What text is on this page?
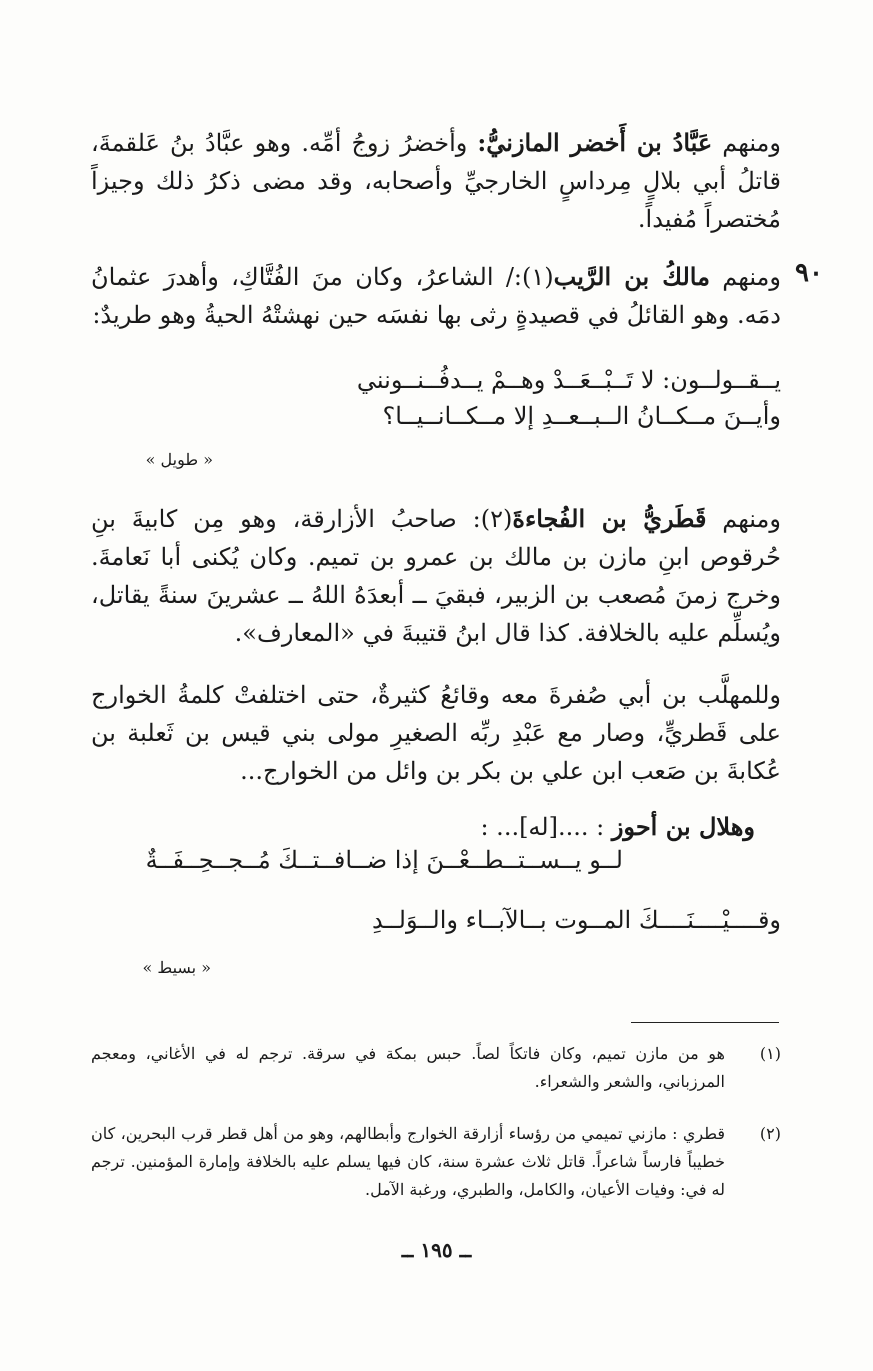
ومنهم عَبَّادُ بن أَخضر المازنيُّ: وأخضرُ زوجُ أمِّه. وهو عبَّادُ بنُ عَلقمةَ، قاتلُ أبي بلالٍ مِرداسٍ الخارجيِّ وأصحابه، وقد مضى ذكرُ ذلك وجيزاً مُختصراً مُفيداً.
٩٠
ومنهم مالكُ بن الرَّيب(١):/ الشاعرُ، وكان منَ الفُتَّاكِ، وأهدرَ عثمانُ دمَه. وهو القائلُ في قصيدةٍ رثى بها نفسَه حين نهشتْهُ الحيةُ وهو طريدٌ:
يــقــولــون: لا تَــبْــعَــدْ وهــمْ يــدفُــنــونني
وأيــنَ مــكــانُ الــبــعــدِ إلا مــكــانــيــا؟
« طويل »
ومنهم قَطَريُّ بن الفُجاءةَ(٢): صاحبُ الأزارقة، وهو مِن كابيةَ بنِ حُرقوص ابنِ مازن بن مالك بن عمرو بن تميم. وكان يُكنى أبا نَعامةَ. وخرج زمنَ مُصعب بن الزبير، فبقيَ ــ أبعدَهُ اللهُ ــ عشرينَ سنةً يقاتل، ويُسلِّم عليه بالخلافة. كذا قال ابنُ قتيبةَ في «المعارف».
وللمهلَّب بن أبي صُفرةَ معه وقائعُ كثيرةٌ، حتى اختلفتْ كلمةُ الخوارج على قَطريٍّ، وصار مع عَبْدِ ربِّه الصغيرِ مولى بني قيس بن ثَعلبة بن عُكابةَ بن صَعب ابن علي بن بكر بن وائل من الخوارج...
وهلال بن أحوز : ....[له]... :
لــو يــســتــطــعْــنَ إذا ضــافــتــكَ مُــجــحِــفَــةٌ
وقــــيْــــنَــــكَ المــوت بــالآبــاء والــوَلــدِ
« بسيط »
(١)
هو من مازن تميم، وكان فاتكاً لصاً. حبس بمكة في سرقة. ترجم له في الأغاني، ومعجم المرزباني، والشعر والشعراء.
(٢)
قطري : مازني تميمي من رؤساء أزارقة الخوارج وأبطالهم، وهو من أهل قطر قرب البحرين، كان خطيباً فارساً شاعراً. قاتل ثلاث عشرة سنة، كان فيها يسلم عليه بالخلافة وإمارة المؤمنين. ترجم له في: وفيات الأعيان، والكامل، والطبري، ورغبة الآمل.
ــ ١٩٥ ــ
